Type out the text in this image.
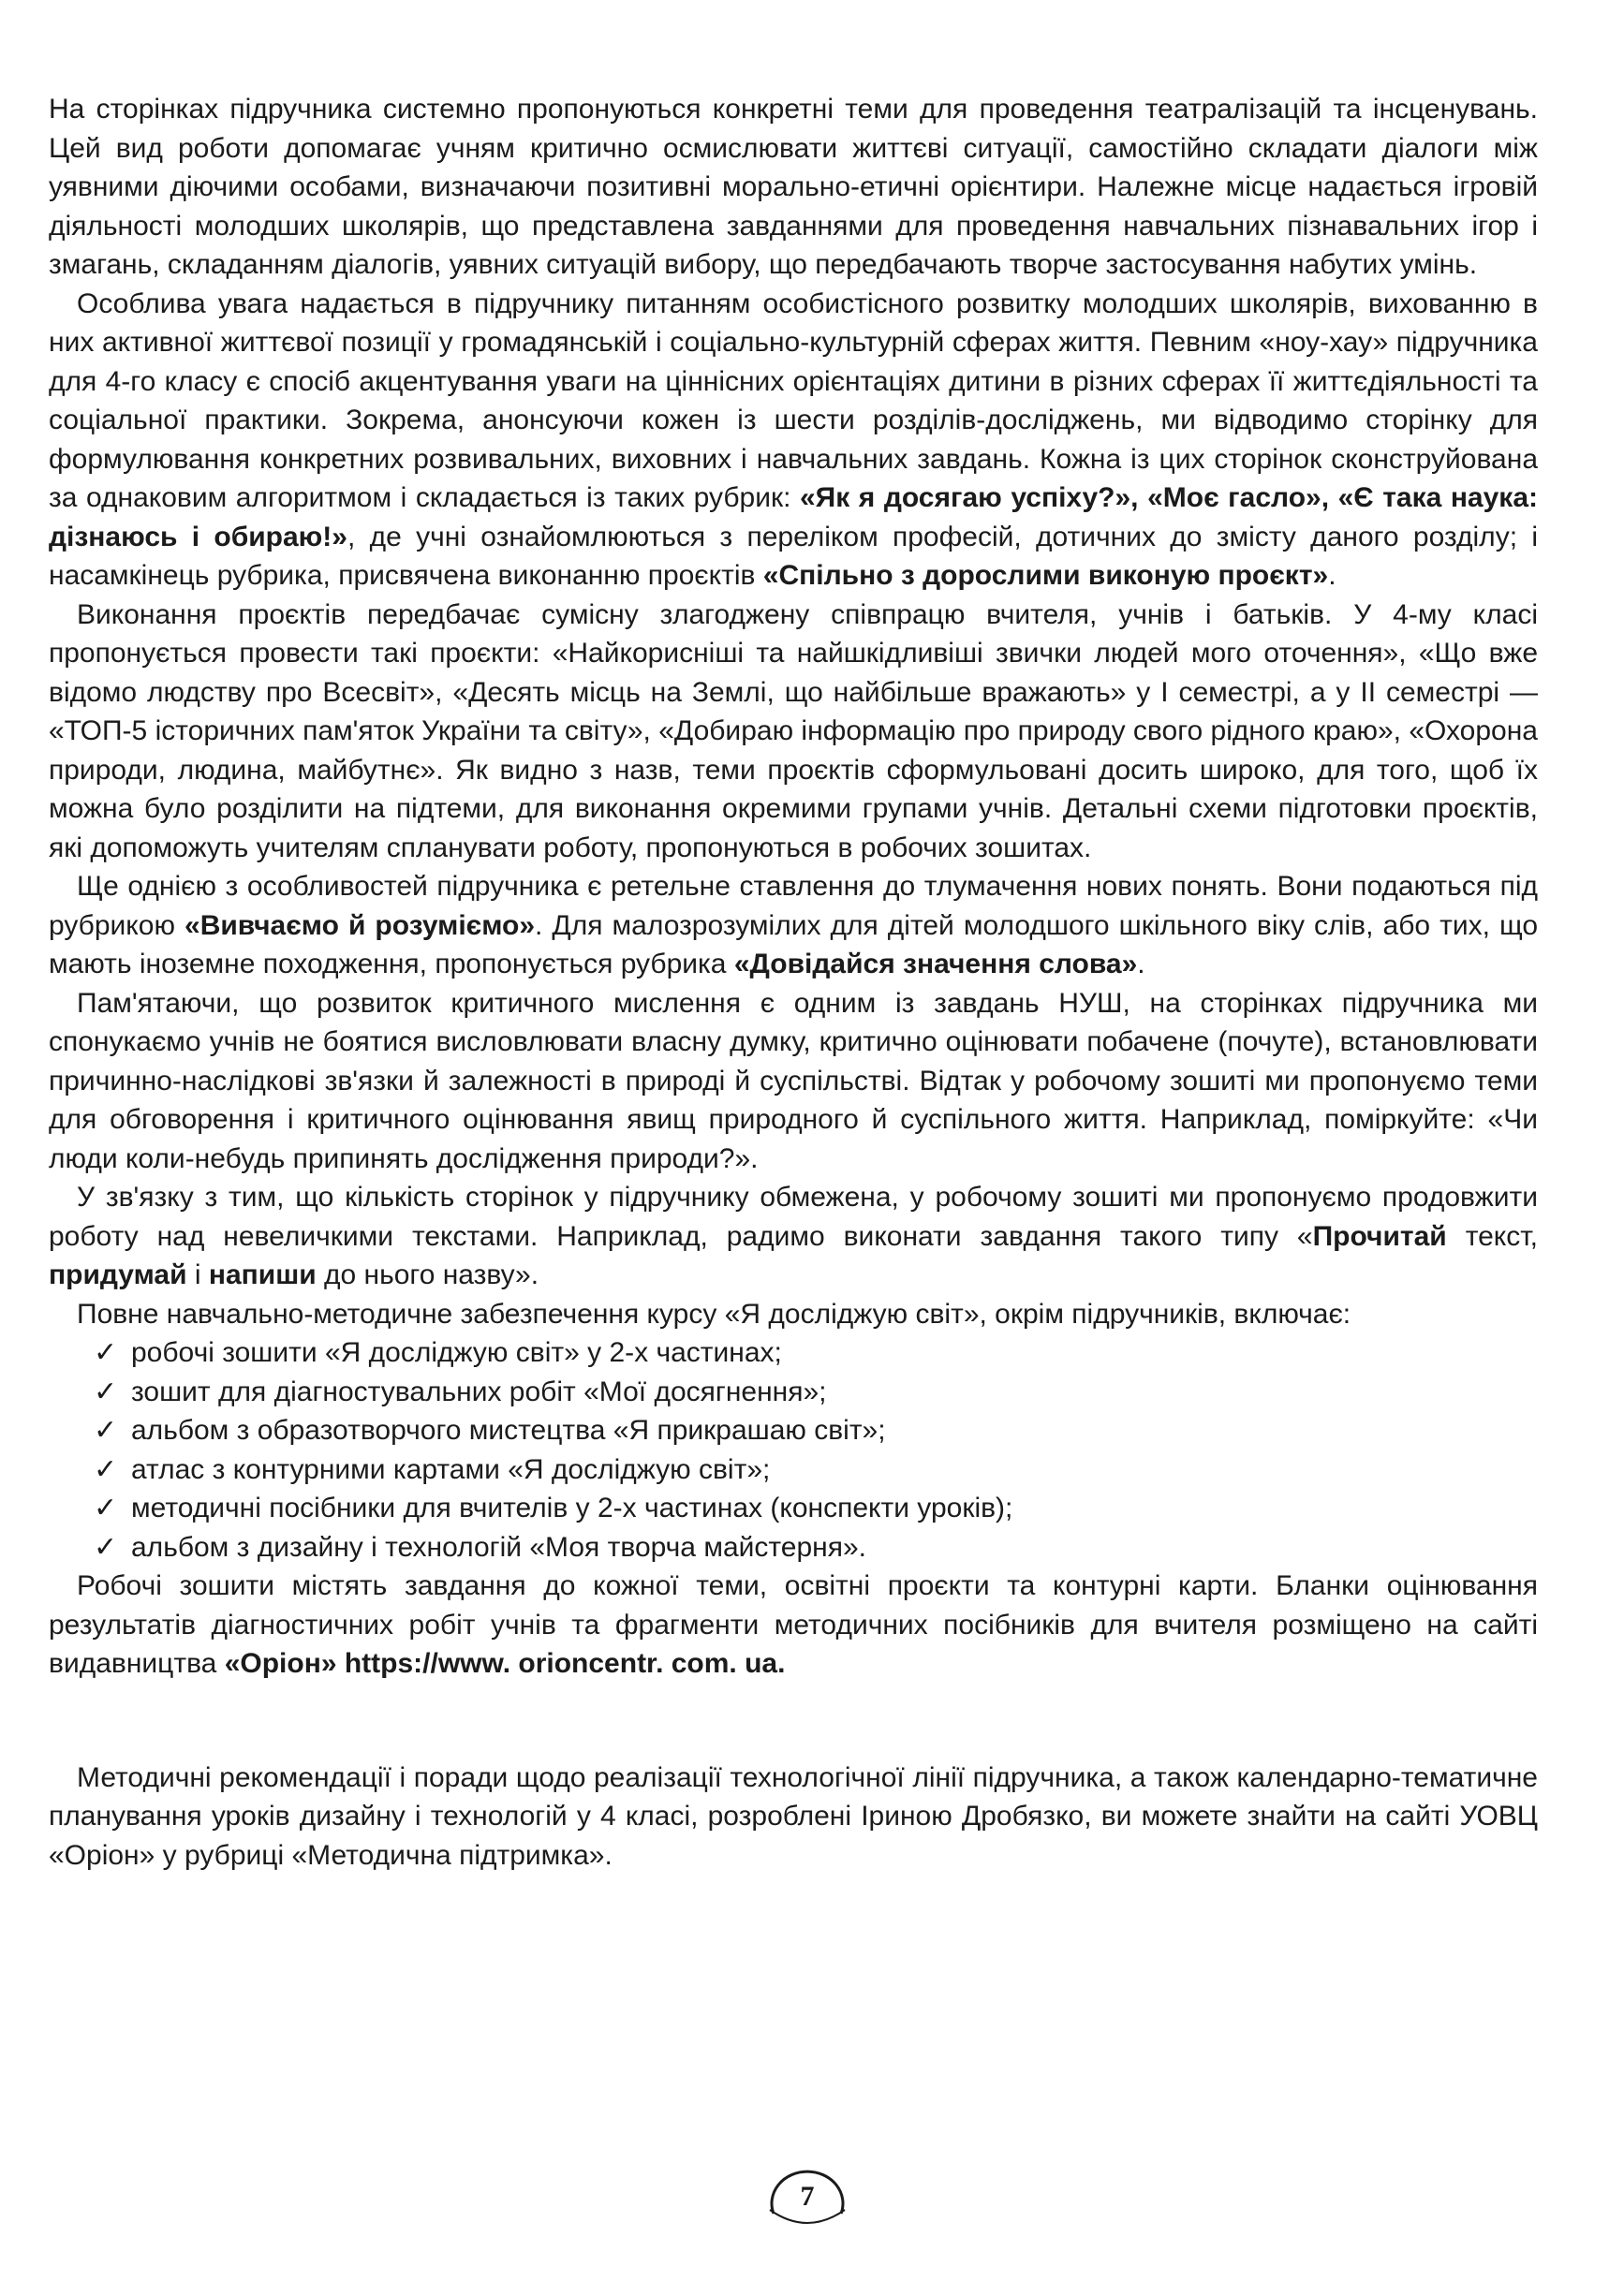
На сторінках підручника системно пропонуються конкретні теми для проведення театралізацій та інсценувань. Цей вид роботи допомагає учням критично осмислювати життєві ситуації, самостійно складати діалоги між уявними діючими особами, визначаючи позитивні морально-етичні орієнтири. Належне місце надається ігровій діяльності молодших школярів, що представлена завданнями для проведення навчальних пізнавальних ігор і змагань, складанням діалогів, уявних ситуацій вибору, що передбачають творче застосування набутих умінь.

Особлива увага надається в підручнику питанням особистісного розвитку молодших школярів, вихованню в них активної життєвої позиції у громадянській і соціально-культурній сферах життя. Певним «ноу-хау» підручника для 4-го класу є спосіб акцентування уваги на ціннісних орієнтаціях дитини в різних сферах її життєдіяльності та соціальної практики. Зокрема, анонсуючи кожен із шести розділів-досліджень, ми відводимо сторінку для формулювання конкретних розвивальних, виховних і навчальних завдань. Кожна із цих сторінок сконструйована за однаковим алгоритмом і складається із таких рубрик: «Як я досягаю успіху?», «Моє гасло», «Є така наука: дізнаюсь і обираю!», де учні ознайомлюються з переліком професій, дотичних до змісту даного розділу; і насамкінець рубрика, присвячена виконанню проєктів «Спільно з дорослими виконую проєкт».

Виконання проєктів передбачає сумісну злагоджену співпрацю вчителя, учнів і батьків. У 4-му класі пропонується провести такі проєкти: «Найкорисніші та найшкідливіші звички людей мого оточення», «Що вже відомо людству про Всесвіт», «Десять місць на Землі, що найбільше вражають» у І семестрі, а у ІІ семестрі — «ТОП-5 історичних пам'яток України та світу», «Добираю інформацію про природу свого рідного краю», «Охорона природи, людина, майбутнє». Як видно з назв, теми проєктів сформульовані досить широко, для того, щоб їх можна було розділити на підтеми, для виконання окремими групами учнів. Детальні схеми підготовки проєктів, які допоможуть учителям спланувати роботу, пропонуються в робочих зошитах.

Ще однією з особливостей підручника є ретельне ставлення до тлумачення нових понять. Вони подаються під рубрикою «Вивчаємо й розуміємо». Для малозрозумілих для дітей молодшого шкільного віку слів, або тих, що мають іноземне походження, пропонується рубрика «Довідайся значення слова».

Пам'ятаючи, що розвиток критичного мислення є одним із завдань НУШ, на сторінках підручника ми спонукаємо учнів не боятися висловлювати власну думку, критично оцінювати побачене (почуте), встановлювати причинно-наслідкові зв'язки й залежності в природі й суспільстві. Відтак у робочому зошиті ми пропонуємо теми для обговорення і критичного оцінювання явищ природного й суспільного життя. Наприклад, поміркуйте: «Чи люди коли-небудь припинять дослідження природи?».

У зв'язку з тим, що кількість сторінок у підручнику обмежена, у робочому зошиті ми пропонуємо продовжити роботу над невеличкими текстами. Наприклад, радимо виконати завдання такого типу «Прочитай текст, придумай і напиши до нього назву».

Повне навчально-методичне забезпечення курсу «Я досліджую світ», окрім підручників, включає:

✓ робочі зошити «Я досліджую світ» у 2-х частинах;
✓ зошит для діагностувальних робіт «Мої досягнення»;
✓ альбом з образотворчого мистецтва «Я прикрашаю світ»;
✓ атлас з контурними картами «Я досліджую світ»;
✓ методичні посібники для вчителів у 2-х частинах (конспекти уроків);
✓ альбом з дизайну і технологій «Моя творча майстерня».

Робочі зошити містять завдання до кожної теми, освітні проєкти та контурні карти. Бланки оцінювання результатів діагностичних робіт учнів та фрагменти методичних посібників для вчителя розміщено на сайті видавництва «Оріон» https://www. orioncentr. com. ua.

Методичні рекомендації і поради щодо реалізації технологічної лінії підручника, а також календарно-тематичне планування уроків дизайну і технологій у 4 класі, розроблені Іриною Дробязко, ви можете знайти на сайті УОВЦ «Оріон» у рубриці «Методична підтримка».

7
